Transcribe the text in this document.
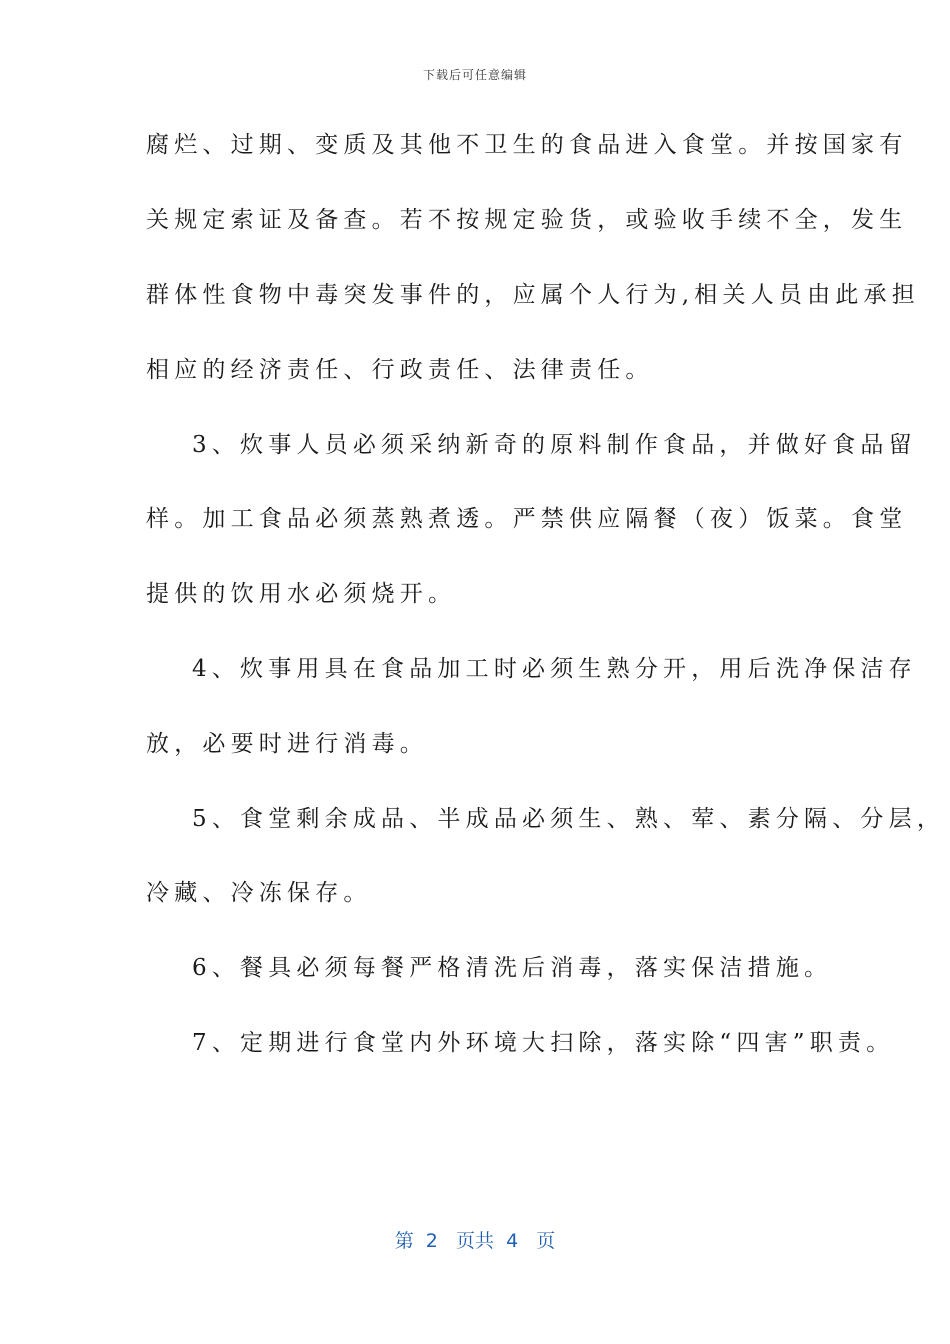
下载后可任意编辑
腐烂、过期、变质及其他不卫生的食品进入食堂。并按国家有
关规定索证及备查。若不按规定验货，或验收手续不全，发生
群体性食物中毒突发事件的，应属个人行为,相关人员由此承担
相应的经济责任、行政责任、法律责任。
3、炊事人员必须采纳新奇的原料制作食品，并做好食品留
样。加工食品必须蒸熟煮透。严禁供应隔餐（夜）饭菜。食堂
提供的饮用水必须烧开。
4、炊事用具在食品加工时必须生熟分开，用后洗净保洁存
放，必要时进行消毒。
5、食堂剩余成品、半成品必须生、熟、荤、素分隔、分层，
冷藏、冷冻保存。
6、餐具必须每餐严格清洗后消毒，落实保洁措施。
7、定期进行食堂内外环境大扫除，落实除“四害”职责。
第  2   页共  4   页
